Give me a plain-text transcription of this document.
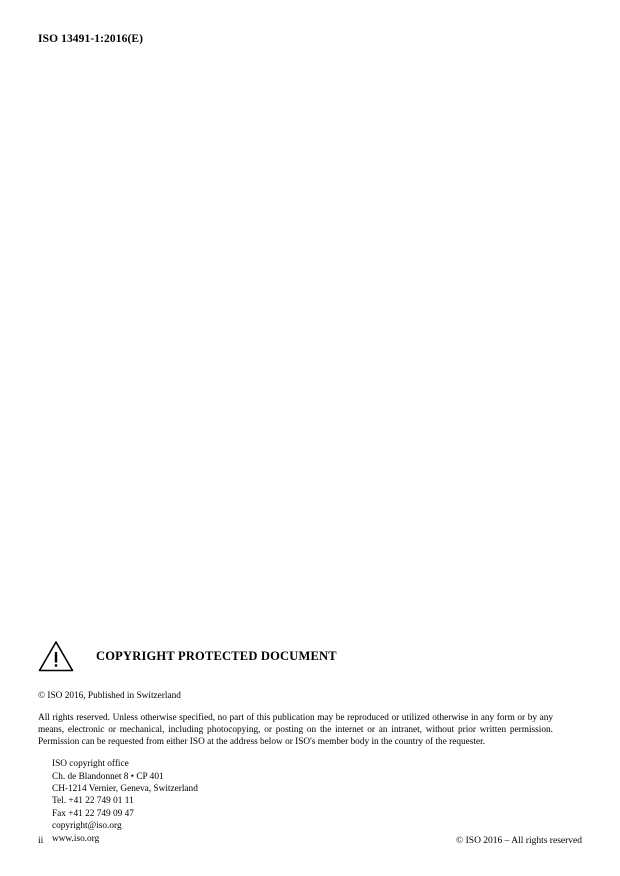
ISO 13491-1:2016(E)
COPYRIGHT PROTECTED DOCUMENT
© ISO 2016, Published in Switzerland
All rights reserved. Unless otherwise specified, no part of this publication may be reproduced or utilized otherwise in any form or by any means, electronic or mechanical, including photocopying, or posting on the internet or an intranet, without prior written permission. Permission can be requested from either ISO at the address below or ISO's member body in the country of the requester.
ISO copyright office
Ch. de Blandonnet 8 • CP 401
CH-1214 Vernier, Geneva, Switzerland
Tel. +41 22 749 01 11
Fax +41 22 749 09 47
copyright@iso.org
www.iso.org
ii	© ISO 2016 – All rights reserved
